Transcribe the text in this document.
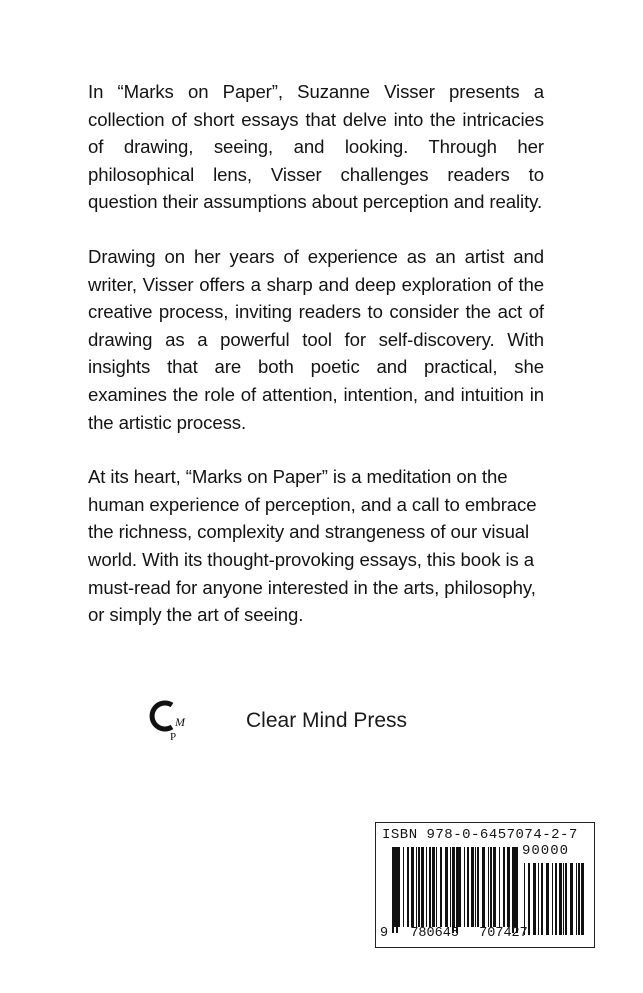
In “Marks on Paper”, Suzanne Visser presents a collection of short essays that delve into the intricacies of drawing, seeing, and looking. Through her philosophical lens, Visser challenges readers to question their assumptions about perception and reality.

Drawing on her years of experience as an artist and writer, Visser offers a sharp and deep exploration of the creative process, inviting readers to consider the act of drawing as a powerful tool for self-discovery. With insights that are both poetic and practical, she examines the role of attention, intention, and intuition in the artistic process.

At its heart, “Marks on Paper” is a meditation on the human experience of perception, and a call to embrace the richness, complexity and strangeness of our visual world. With its thought-provoking essays, this book is a must-read for anyone interested in the arts, philosophy, or simply the art of seeing.

M
P
Clear Mind Press
ISBN 978-0-6457074-2-7
90000
9 780645 707427
